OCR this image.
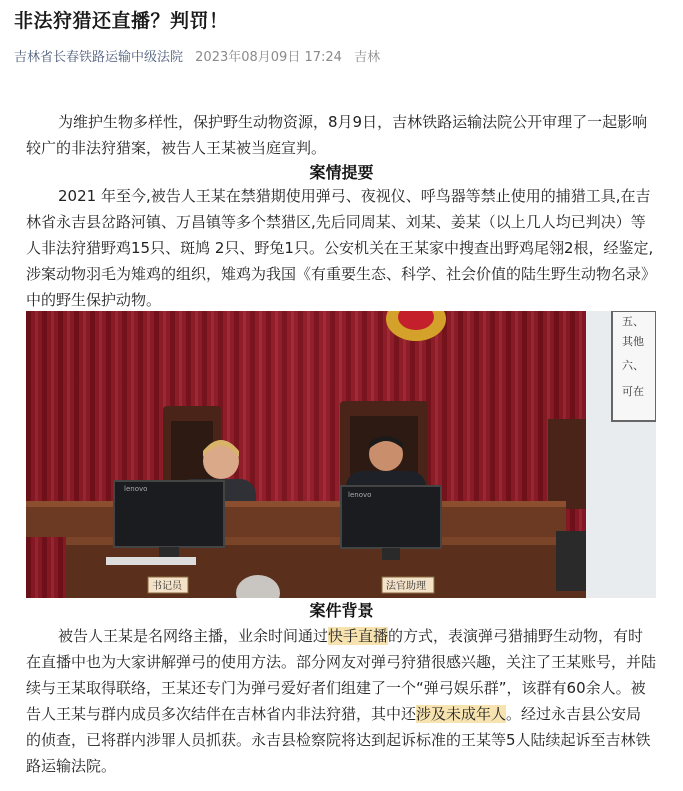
非法狩猎还直播？判罚！
吉林省长春铁路运输中级法院 2023年08月09日 17:24 吉林

为维护生物多样性，保护野生动物资源，8月9日，吉林铁路运输法院公开审理了一起影响较广的非法狩猎案，被告人王某被当庭宣判。

案情提要

2021 年至今,被告人王某在禁猎期使用弹弓、夜视仪、呼鸟器等禁止使用的捕猎工具,在吉林省永吉县岔路河镇、万昌镇等多个禁猎区,先后同周某、刘某、姜某（以上几人均已判决）等人非法狩猎野鸡15只、斑鸠 2只、野兔1只。公安机关在王某家中搜查出野鸡尾翎2根，经鉴定,涉案动物羽毛为雉鸡的组织，雉鸡为我国《有重要生态、科学、社会价值的陆生野生动物名录》中的野生保护动物。

五、
其他
六、
可在
lenovo
lenovo
书记员	法官助理
案件背景

被告人王某是名网络主播，业余时间通过快手直播的方式，表演弹弓猎捕野生动物，有时在直播中也为大家讲解弹弓的使用方法。部分网友对弹弓狩猎很感兴趣，关注了王某账号，并陆续与王某取得联络，王某还专门为弹弓爱好者们组建了一个“弹弓娱乐群”，该群有60余人。被告人王某与群内成员多次结伴在吉林省内非法狩猎，其中还涉及未成年人。经过永吉县公安局的侦查，已将群内涉罪人员抓获。永吉县检察院将达到起诉标准的王某等5人陆续起诉至吉林铁路运输法院。
